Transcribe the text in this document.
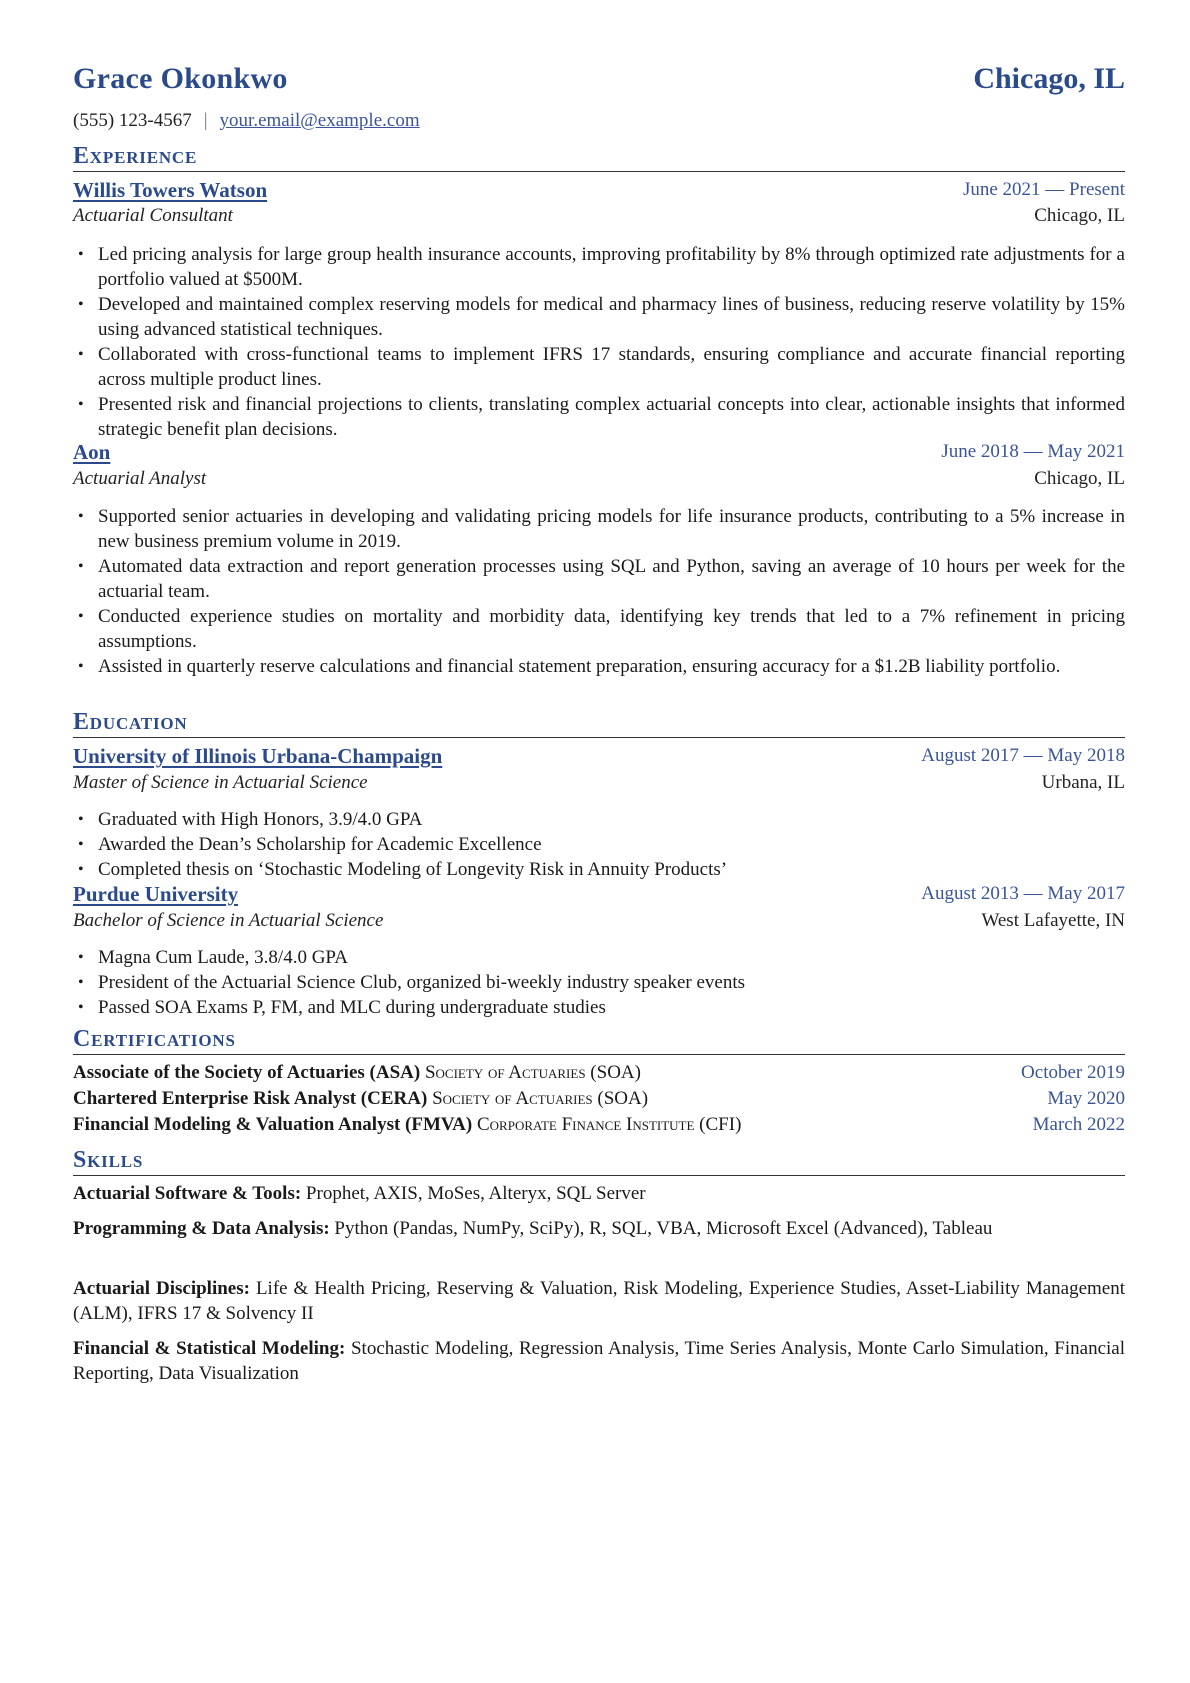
Grace Okonkwo	Chicago, IL
(555) 123-4567 | your.email@example.com
Experience
Willis Towers Watson	June 2021 — Present
Actuarial Consultant	Chicago, IL
• Led pricing analysis for large group health insurance accounts, improving profitability by 8% through optimized rate adjustments for a portfolio valued at $500M.
• Developed and maintained complex reserving models for medical and pharmacy lines of business, reducing reserve volatility by 15% using advanced statistical techniques.
• Collaborated with cross-functional teams to implement IFRS 17 standards, ensuring compliance and accurate financial reporting across multiple product lines.
• Presented risk and financial projections to clients, translating complex actuarial concepts into clear, actionable insights that informed strategic benefit plan decisions.
Aon	June 2018 — May 2021
Actuarial Analyst	Chicago, IL
• Supported senior actuaries in developing and validating pricing models for life insurance products, contributing to a 5% increase in new business premium volume in 2019.
• Automated data extraction and report generation processes using SQL and Python, saving an average of 10 hours per week for the actuarial team.
• Conducted experience studies on mortality and morbidity data, identifying key trends that led to a 7% refinement in pricing assumptions.
• Assisted in quarterly reserve calculations and financial statement preparation, ensuring accuracy for a $1.2B liability portfolio.
Education
University of Illinois Urbana-Champaign	August 2017 — May 2018
Master of Science in Actuarial Science	Urbana, IL
• Graduated with High Honors, 3.9/4.0 GPA
• Awarded the Dean’s Scholarship for Academic Excellence
• Completed thesis on ‘Stochastic Modeling of Longevity Risk in Annuity Products’
Purdue University	August 2013 — May 2017
Bachelor of Science in Actuarial Science	West Lafayette, IN
• Magna Cum Laude, 3.8/4.0 GPA
• President of the Actuarial Science Club, organized bi-weekly industry speaker events
• Passed SOA Exams P, FM, and MLC during undergraduate studies
Certifications
Associate of the Society of Actuaries (ASA) Society of Actuaries (SOA)	October 2019
Chartered Enterprise Risk Analyst (CERA) Society of Actuaries (SOA)	May 2020
Financial Modeling & Valuation Analyst (FMVA) Corporate Finance Institute (CFI)	March 2022
Skills
Actuarial Software & Tools: Prophet, AXIS, MoSes, Alteryx, SQL Server
Programming & Data Analysis: Python (Pandas, NumPy, SciPy), R, SQL, VBA, Microsoft Excel (Advanced), Tableau
Actuarial Disciplines: Life & Health Pricing, Reserving & Valuation, Risk Modeling, Experience Studies, Asset-Liability Management (ALM), IFRS 17 & Solvency II
Financial & Statistical Modeling: Stochastic Modeling, Regression Analysis, Time Series Analysis, Monte Carlo Simulation, Financial Reporting, Data Visualization
